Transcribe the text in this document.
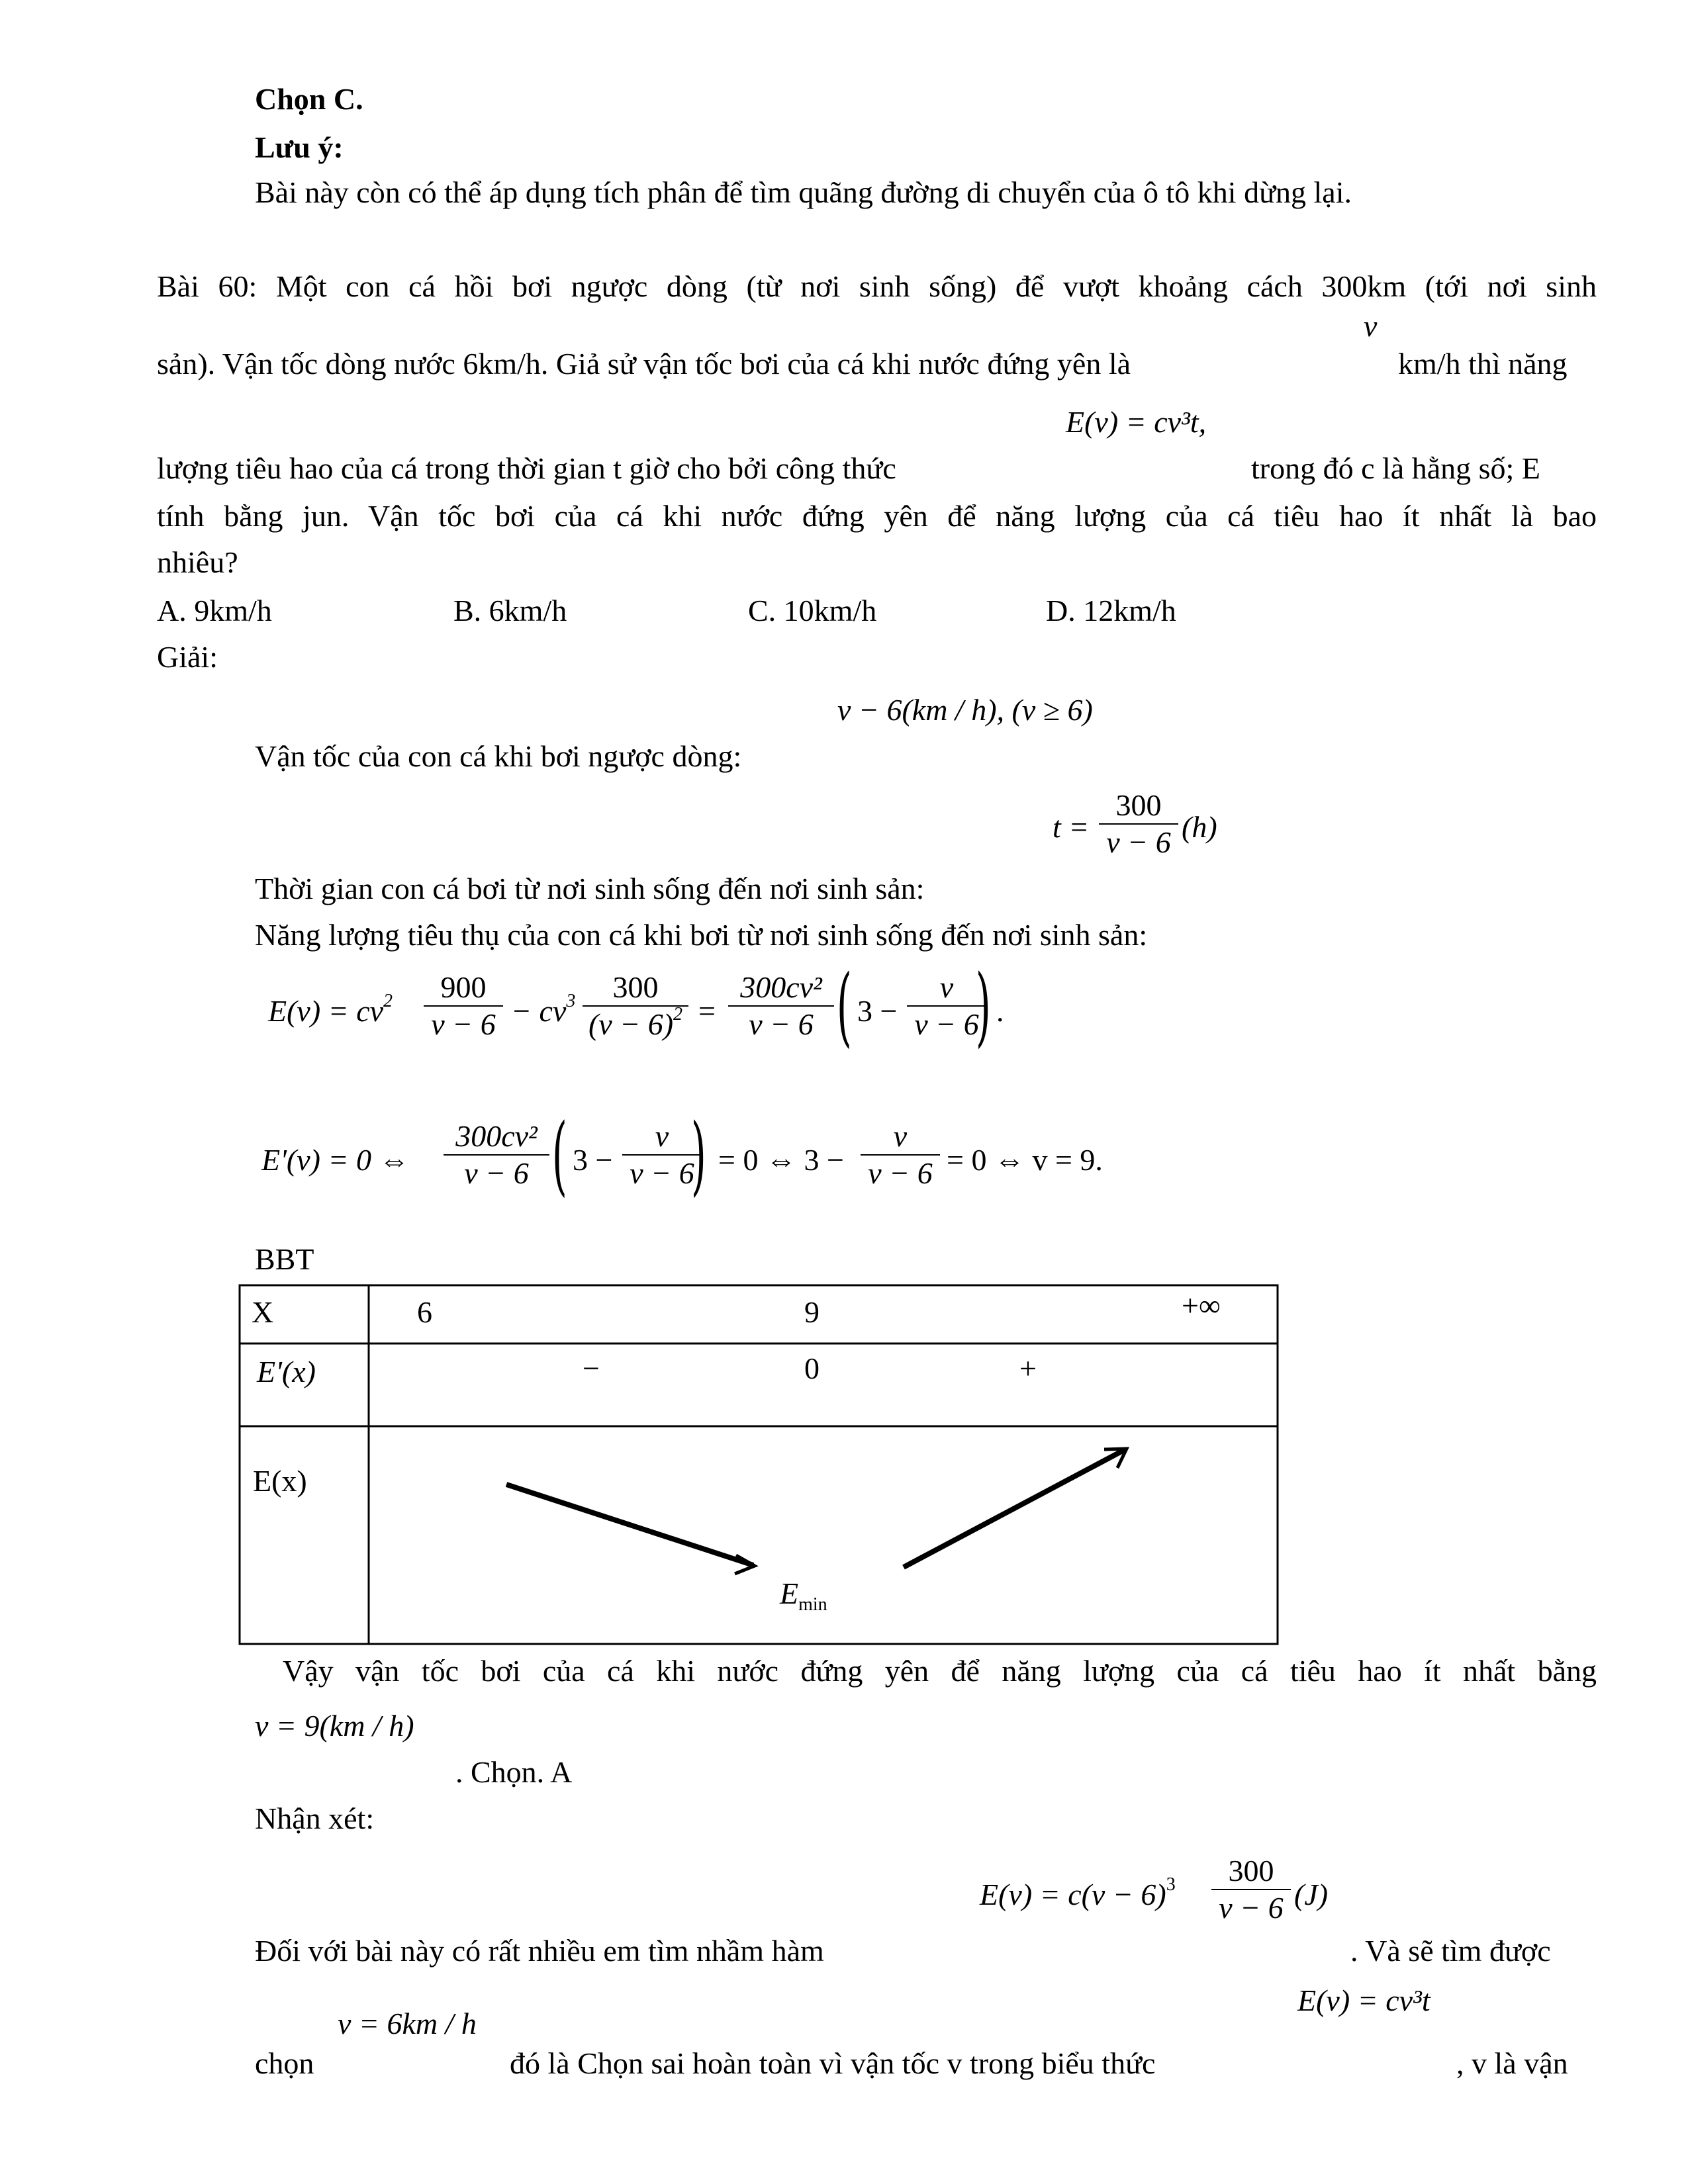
Chọn C.
Lưu ý:
Bài này còn có thể áp dụng tích phân để tìm quãng đường di chuyển của ô tô khi dừng lại.
Bài 60: Một con cá hồi bơi ngược dòng (từ nơi sinh sống) để vượt khoảng cách 300km (tới nơi sinh
v
sản). Vận tốc dòng nước 6km/h. Giả sử vận tốc bơi của cá khi nước đứng yên là	km/h thì năng
E(v) = cv³t,
lượng tiêu hao của cá trong thời gian t giờ cho bởi công thức	trong đó c là hằng số; E
tính bằng jun. Vận tốc bơi của cá khi nước đứng yên để năng lượng của cá tiêu hao ít nhất là bao
nhiêu?
A. 9km/h	B. 6km/h	C. 10km/h	D. 12km/h
Giải:
v − 6(km / h), (v ≥ 6)
Vận tốc của con cá khi bơi ngược dòng:
t =
300
v − 6 (h)
Thời gian con cá bơi từ nơi sinh sống đến nơi sinh sản:
Năng lượng tiêu thụ của con cá khi bơi từ nơi sinh sống đến nơi sinh sản:
$E(v) = cv^2$	900
$v - 6 - cv^3$	300
$(v - 6)^2$ =
300cv²
v − 6 ( 3 −
v
v − 6
) .
E'(v) = 0 ⇔
300cv²
v − 6 ( 3 −
v
v − 6
) = 0 ⇔ 3 −
v
v − 6 = 0 ⇔ v = 9.
BBT
X	6	9	+∞
E'(x)	−	0	+
E(x)
$E_{min}$
Vậy vận tốc bơi của cá khi nước đứng yên để năng lượng của cá tiêu hao ít nhất bằng
v = 9(km / h)
. Chọn. A
Nhận xét:
$E(v) = c(v - 6)^3$	300
v − 6 (J)
Đối với bài này có rất nhiều em tìm nhầm hàm	. Và sẽ tìm được
v = 6km / h
E(v) = cv³t
chọn	đó là Chọn sai hoàn toàn vì vận tốc v trong biểu thức	, v là vận
